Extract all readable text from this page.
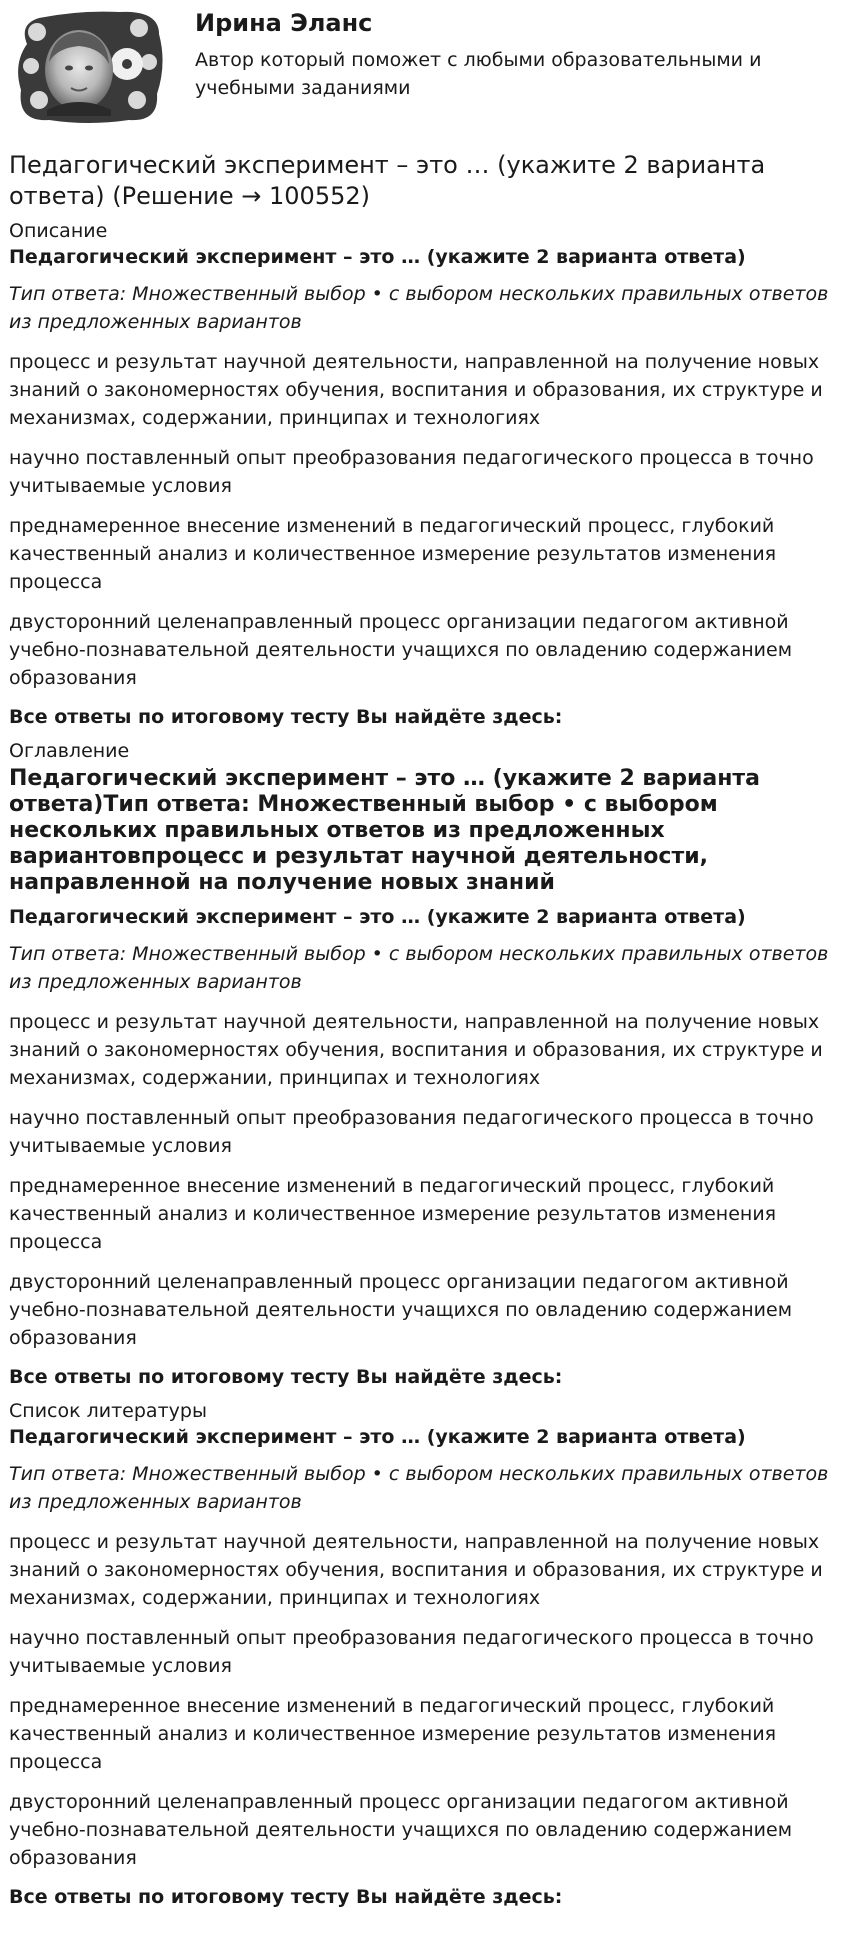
Ирина Эланс
Автор который поможет с любыми образовательными и учебными заданиями
Педагогический эксперимент – это … (укажите 2 варианта ответа) (Решение → 100552)
Описание
Педагогический эксперимент – это … (укажите 2 варианта ответа)
Тип ответа: Множественный выбор • с выбором нескольких правильных ответов из предложенных вариантов
процесс и результат научной деятельности, направленной на получение новых знаний о закономерностях обучения, воспитания и образования, их структуре и механизмах, содержании, принципах и технологиях
научно поставленный опыт преобразования педагогического процесса в точно учитываемые условия
преднамеренное внесение изменений в педагогический процесс, глубокий качественный анализ и количественное измерение результатов изменения процесса
двусторонний целенаправленный процесс организации педагогом активной учебно-познавательной деятельности учащихся по овладению содержанием образования
Все ответы по итоговому тесту Вы найдёте здесь:
Оглавление
Педагогический эксперимент – это … (укажите 2 варианта ответа)Тип ответа: Множественный выбор • с выбором нескольких правильных ответов из предложенных вариантовпроцесс и результат научной деятельности, направленной на получение новых знаний
Педагогический эксперимент – это … (укажите 2 варианта ответа)
Тип ответа: Множественный выбор • с выбором нескольких правильных ответов из предложенных вариантов
процесс и результат научной деятельности, направленной на получение новых знаний о закономерностях обучения, воспитания и образования, их структуре и механизмах, содержании, принципах и технологиях
научно поставленный опыт преобразования педагогического процесса в точно учитываемые условия
преднамеренное внесение изменений в педагогический процесс, глубокий качественный анализ и количественное измерение результатов изменения процесса
двусторонний целенаправленный процесс организации педагогом активной учебно-познавательной деятельности учащихся по овладению содержанием образования
Все ответы по итоговому тесту Вы найдёте здесь:
Список литературы
Педагогический эксперимент – это … (укажите 2 варианта ответа)
Тип ответа: Множественный выбор • с выбором нескольких правильных ответов из предложенных вариантов
процесс и результат научной деятельности, направленной на получение новых знаний о закономерностях обучения, воспитания и образования, их структуре и механизмах, содержании, принципах и технологиях
научно поставленный опыт преобразования педагогического процесса в точно учитываемые условия
преднамеренное внесение изменений в педагогический процесс, глубокий качественный анализ и количественное измерение результатов изменения процесса
двусторонний целенаправленный процесс организации педагогом активной учебно-познавательной деятельности учащихся по овладению содержанием образования
Все ответы по итоговому тесту Вы найдёте здесь:
